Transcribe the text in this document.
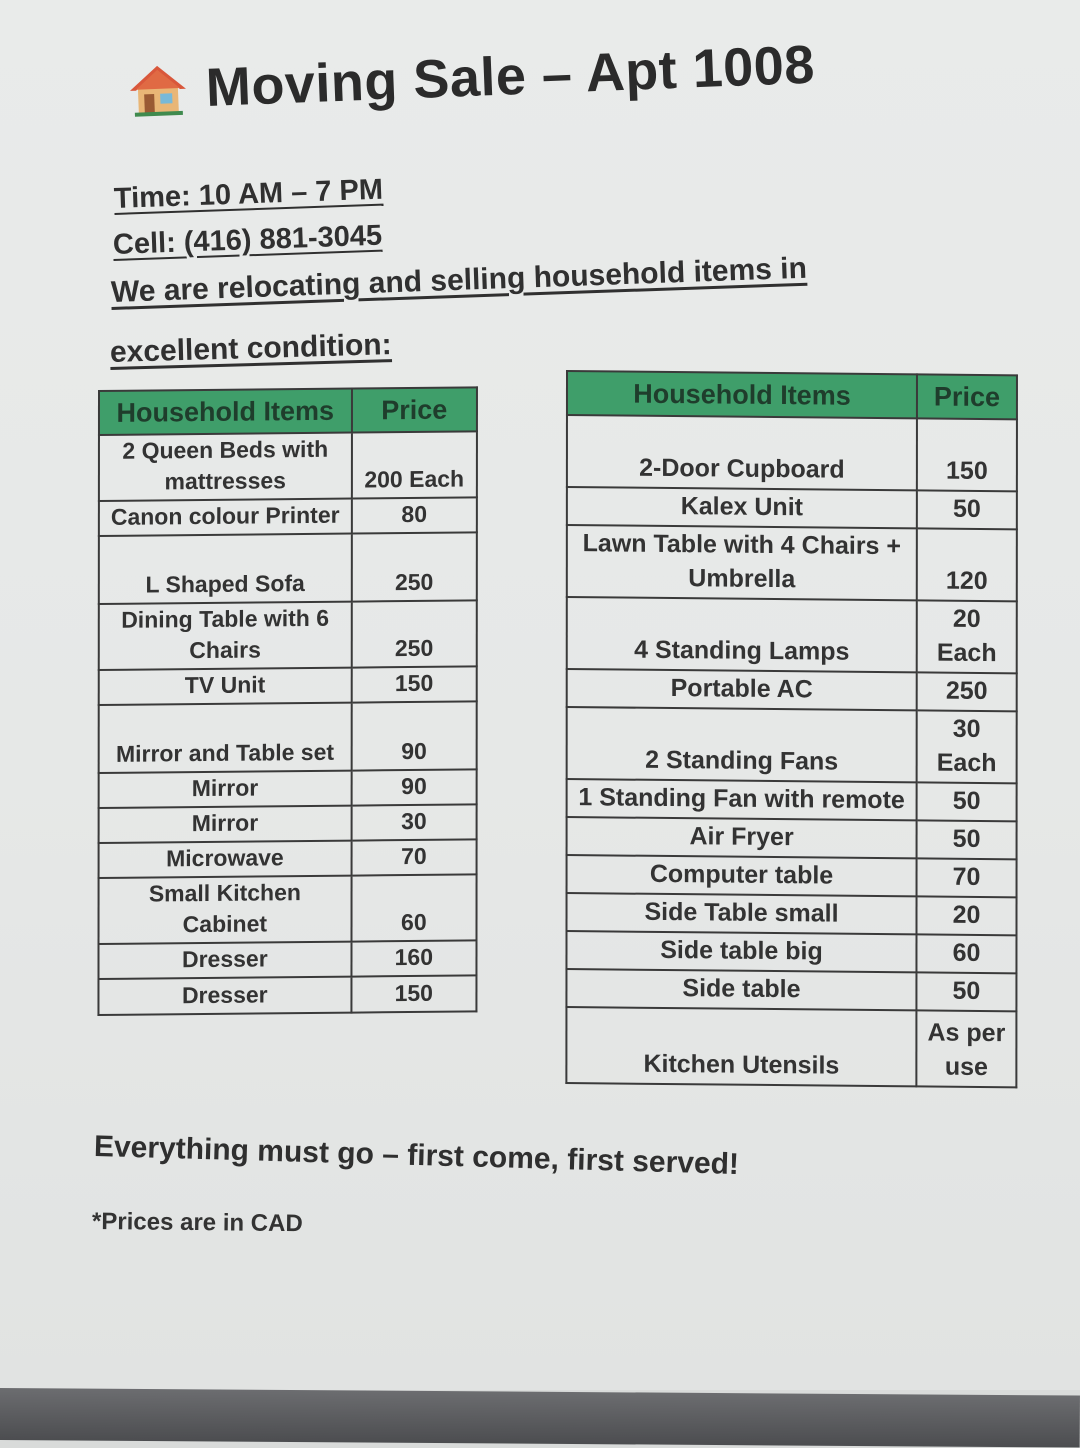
Moving Sale – Apt 1008
Time: 10 AM – 7 PM
Cell: (416) 881-3045
We are relocating and selling household items in
excellent condition:
Household Items	Price
2 Queen Beds with mattresses	200 Each
Canon colour Printer	80
L Shaped Sofa	250
Dining Table with 6 Chairs	250
TV Unit	150
Mirror and Table set	90
Mirror	90
Mirror	30
Microwave	70
Small Kitchen Cabinet	60
Dresser	160
Dresser	150
Household Items	Price
2-Door Cupboard	150
Kalex Unit	50
Lawn Table with 4 Chairs + Umbrella	120
4 Standing Lamps	20 Each
Portable AC	250
2 Standing Fans	30 Each
1 Standing Fan with remote	50
Air Fryer	50
Computer table	70
Side Table small	20
Side table big	60
Side table	50
Kitchen Utensils	As per use
Everything must go – first come, first served!
*Prices are in CAD
